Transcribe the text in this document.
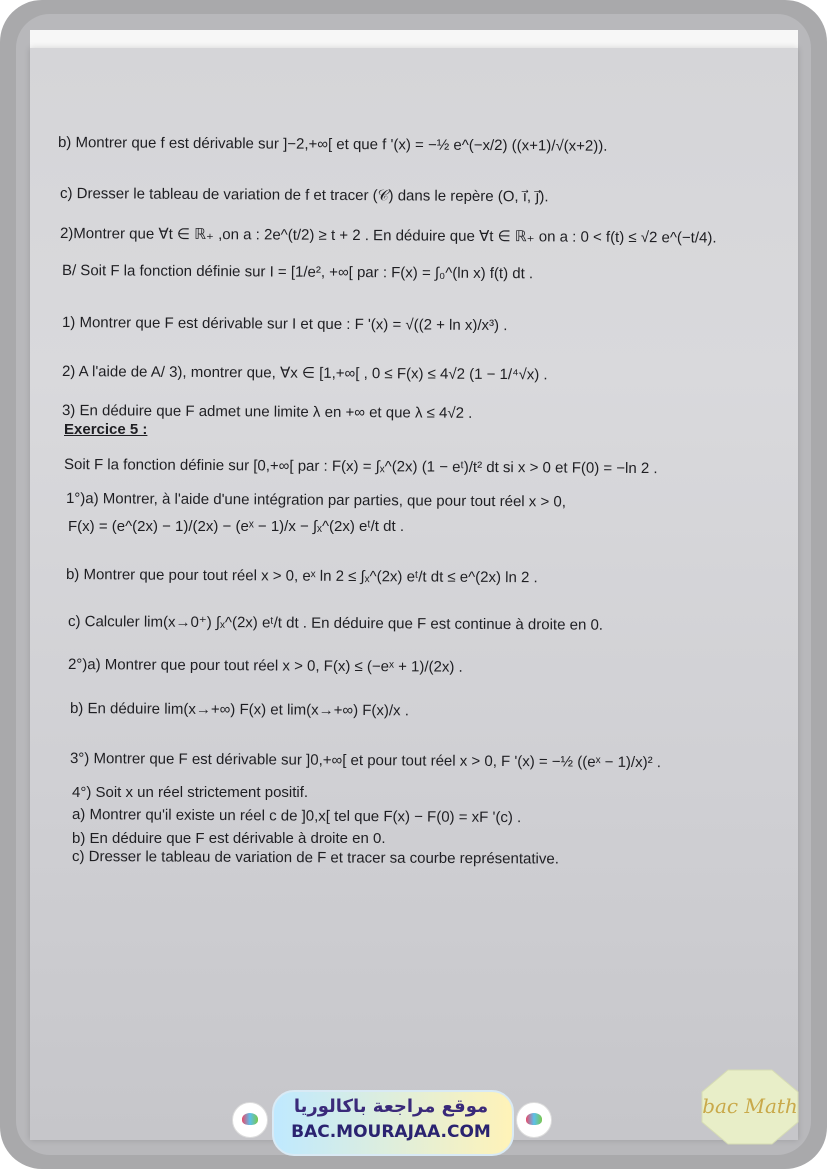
b) Montrer que f est dérivable sur ]−2,+∞[ et que f '(x) = −½ e^(−x/2) ((x+1)/√(x+2)).
c) Dresser le tableau de variation de f et tracer (𝒞) dans le repère (O, i⃗, j⃗).
2)Montrer que ∀t ∈ ℝ₊ ,on a : 2e^(t/2) ≥ t + 2 . En déduire que ∀t ∈ ℝ₊ on a : 0 < f(t) ≤ √2 e^(−t/4).
B/ Soit F la fonction définie sur I = [1/e², +∞[ par : F(x) = ∫₀^(ln x) f(t) dt .
1) Montrer que F est dérivable sur I et que : F '(x) = √((2 + ln x)/x³) .
2) A l'aide de A/ 3), montrer que, ∀x ∈ [1,+∞[ , 0 ≤ F(x) ≤ 4√2 (1 − 1/⁴√x) .
3) En déduire que F admet une limite λ en +∞ et que λ ≤ 4√2 .
Exercice 5 :
Soit F la fonction définie sur [0,+∞[ par : F(x) = ∫ₓ^(2x) (1 − eᵗ)/t² dt si x > 0 et F(0) = −ln 2 .
1°)a) Montrer, à l'aide d'une intégration par parties, que pour tout réel x > 0,
F(x) = (e^(2x) − 1)/(2x) − (eˣ − 1)/x − ∫ₓ^(2x) eᵗ/t dt .
b) Montrer que pour tout réel x > 0, eˣ ln 2 ≤ ∫ₓ^(2x) eᵗ/t dt ≤ e^(2x) ln 2 .
c) Calculer lim(x→0⁺) ∫ₓ^(2x) eᵗ/t dt . En déduire que F est continue à droite en 0.
2°)a) Montrer que pour tout réel x > 0, F(x) ≤ (−eˣ + 1)/(2x) .
b) En déduire lim(x→+∞) F(x) et lim(x→+∞) F(x)/x .
3°) Montrer que F est dérivable sur ]0,+∞[ et pour tout réel x > 0, F '(x) = −½ ((eˣ − 1)/x)² .
4°) Soit x un réel strictement positif.
a) Montrer qu'il existe un réel c de ]0,x[ tel que F(x) − F(0) = xF '(c) .
b) En déduire que F est dérivable à droite en 0.
c) Dresser le tableau de variation de F et tracer sa courbe représentative.
موقع مراجعة باكالوريا
BAC.MOURAJAA.COM
bac Math
